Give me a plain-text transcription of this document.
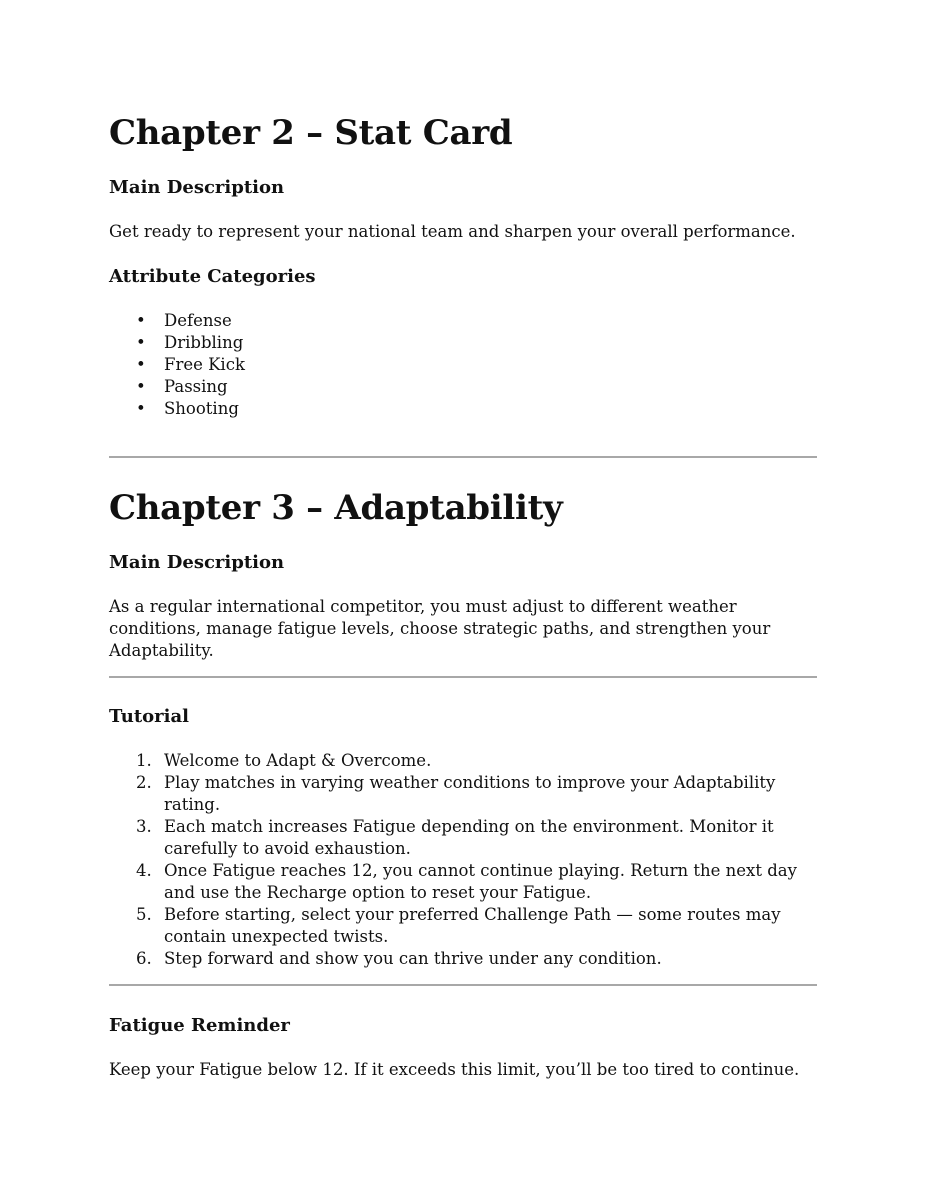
Chapter 2 – Stat Card
Main Description

Get ready to represent your national team and sharpen your overall performance.

Attribute Categories
• Defense
• Dribbling
• Free Kick
• Passing
• Shooting
Chapter 3 – Adaptability
Main Description

As a regular international competitor, you must adjust to different weather conditions, manage fatigue levels, choose strategic paths, and strengthen your Adaptability.

Tutorial
1. Welcome to Adapt & Overcome.
2. Play matches in varying weather conditions to improve your Adaptability rating.
3. Each match increases Fatigue depending on the environment. Monitor it carefully to avoid exhaustion.
4. Once Fatigue reaches 12, you cannot continue playing. Return the next day and use the Recharge option to reset your Fatigue.
5. Before starting, select your preferred Challenge Path — some routes may contain unexpected twists.
6. Step forward and show you can thrive under any condition.
Fatigue Reminder

Keep your Fatigue below 12. If it exceeds this limit, you’ll be too tired to continue.
